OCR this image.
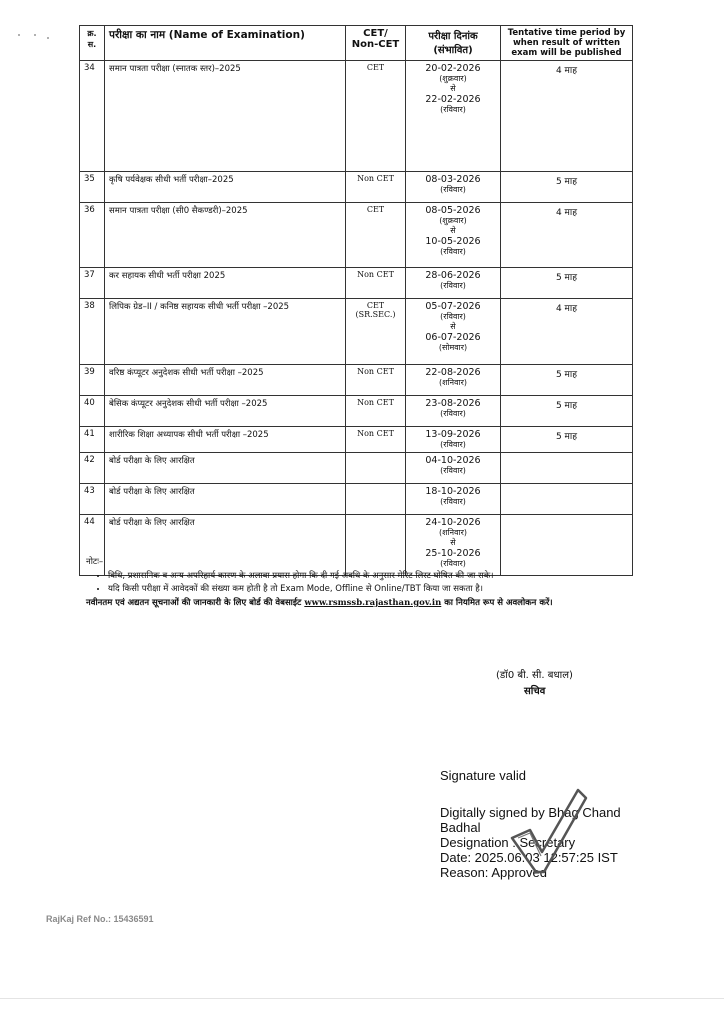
क्र. स.	परीक्षा का नाम (Name of Examination)	CET/ Non-CET	परीक्षा दिनांक (संभावित)	Tentative time period by when result of written exam will be published
34	समान पात्रता परीक्षा (स्नातक स्तर)–2025	CET	20-02-2026
(शुक्रवार)
से
22-02-2026
(रविवार)	4 माह
35	कृषि पर्यवेक्षक सीधी भर्ती परीक्षा–2025	Non CET	08-03-2026
(रविवार)	5 माह
36	समान पात्रता परीक्षा (सी0 सैकण्डरी)–2025	CET	08-05-2026
(शुक्रवार)
से
10-05-2026
(रविवार)	4 माह
37	कर सहायक सीधी भर्ती परीक्षा 2025	Non CET	28-06-2026
(रविवार)	5 माह
38	लिपिक ग्रेड–II / कनिष्ठ सहायक सीधी भर्ती परीक्षा –2025	CET (SR.SEC.)	05-07-2026
(रविवार)
से
06-07-2026
(सोमवार)	4 माह
39	वरिष्ठ कंप्यूटर अनुदेशक सीधी भर्ती परीक्षा –2025	Non CET	22-08-2026
(शनिवार)	5 माह
40	बेसिक कंप्यूटर अनुदेशक सीधी भर्ती परीक्षा –2025	Non CET	23-08-2026
(रविवार)	5 माह
41	शारीरिक शिक्षा अध्यापक सीधी भर्ती परीक्षा –2025	Non CET	13-09-2026
(रविवार)	5 माह
42	बोर्ड परीक्षा के लिए आरक्षित		04-10-2026
(रविवार)	

43	बोर्ड परीक्षा के लिए आरक्षित		18-10-2026
(रविवार)	

44	बोर्ड परीक्षा के लिए आरक्षित		24-10-2026
(शनिवार)
से
25-10-2026
(रविवार)	

नोटः–
• विधि, प्रशासनिक व अन्य अपरिहार्य कारण के अलावा प्रयास होगा कि दी गई अवधि के अनुसार मेरिट लिस्ट घोषित की जा सके।
• यदि किसी परीक्षा में आवेदकों की संख्या कम होती है तो Exam Mode, Offline से Online/TBT किया जा सकता है।
नवीनतम एवं अद्यतन सूचनाओं की जानकारी के लिए बोर्ड की वेबसाईट www.rsmssb.rajasthan.gov.in का नियमित रूप से अवलोकन करें।
(डॉ0 बी. सी. बधाल)
सचिव
Signature valid
Digitally signed by Bhag Chand Badhal
Designation : Secretary
Date: 2025.06.03 12:57:25 IST
Reason: Approved
RajKaj Ref No.: 15436591
